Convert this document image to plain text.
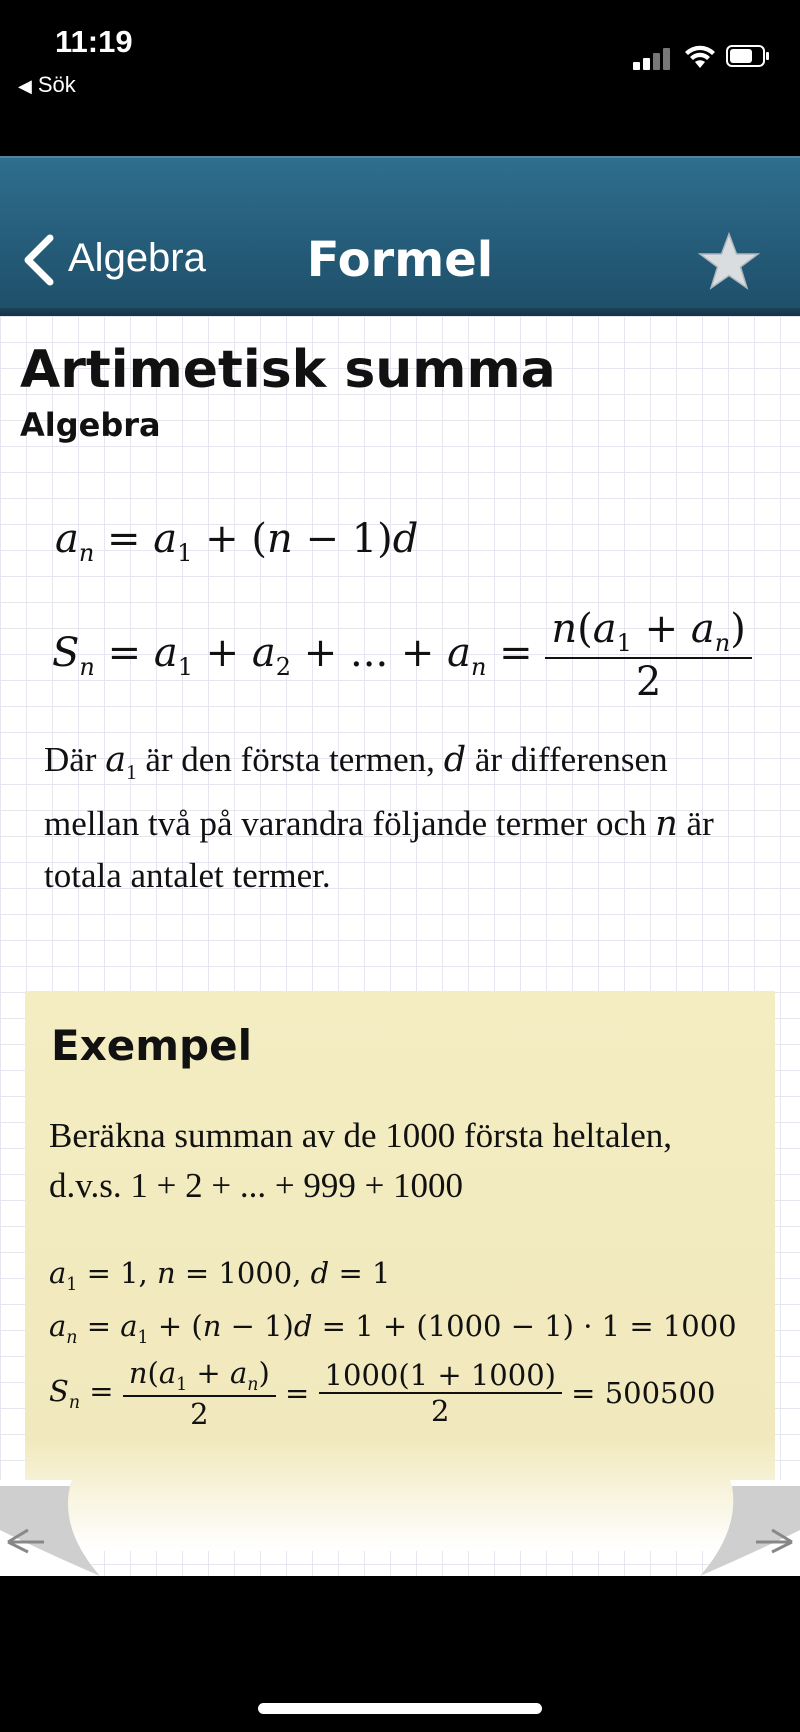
11:19
◀ Sök
Algebra	Formel
Artimetisk summa
Algebra
$a_n = a_1 + (n - 1)d$
$S_n = a_1 + a_2$ + ... + $a_n = \frac{n(a_1 + a_n)}{2}$
Där $a_1$ är den första termen, d är differensen mellan två på varandra följande termer och n är totala antalet termer.
Exempel
Beräkna summan av de 1000 första heltalen, d.v.s. 1 + 2 + ... + 999 + 1000
$a_1 = 1$, n = 1000, d = 1
$a_n = a_1 + (n - 1)d = 1 + (1000 - 1) \cdot 1 = 1000$
$S_n = \frac{n(a_1 + a_n)}{2} = \frac{1000(1 + 1000)}{2} = 500500$
